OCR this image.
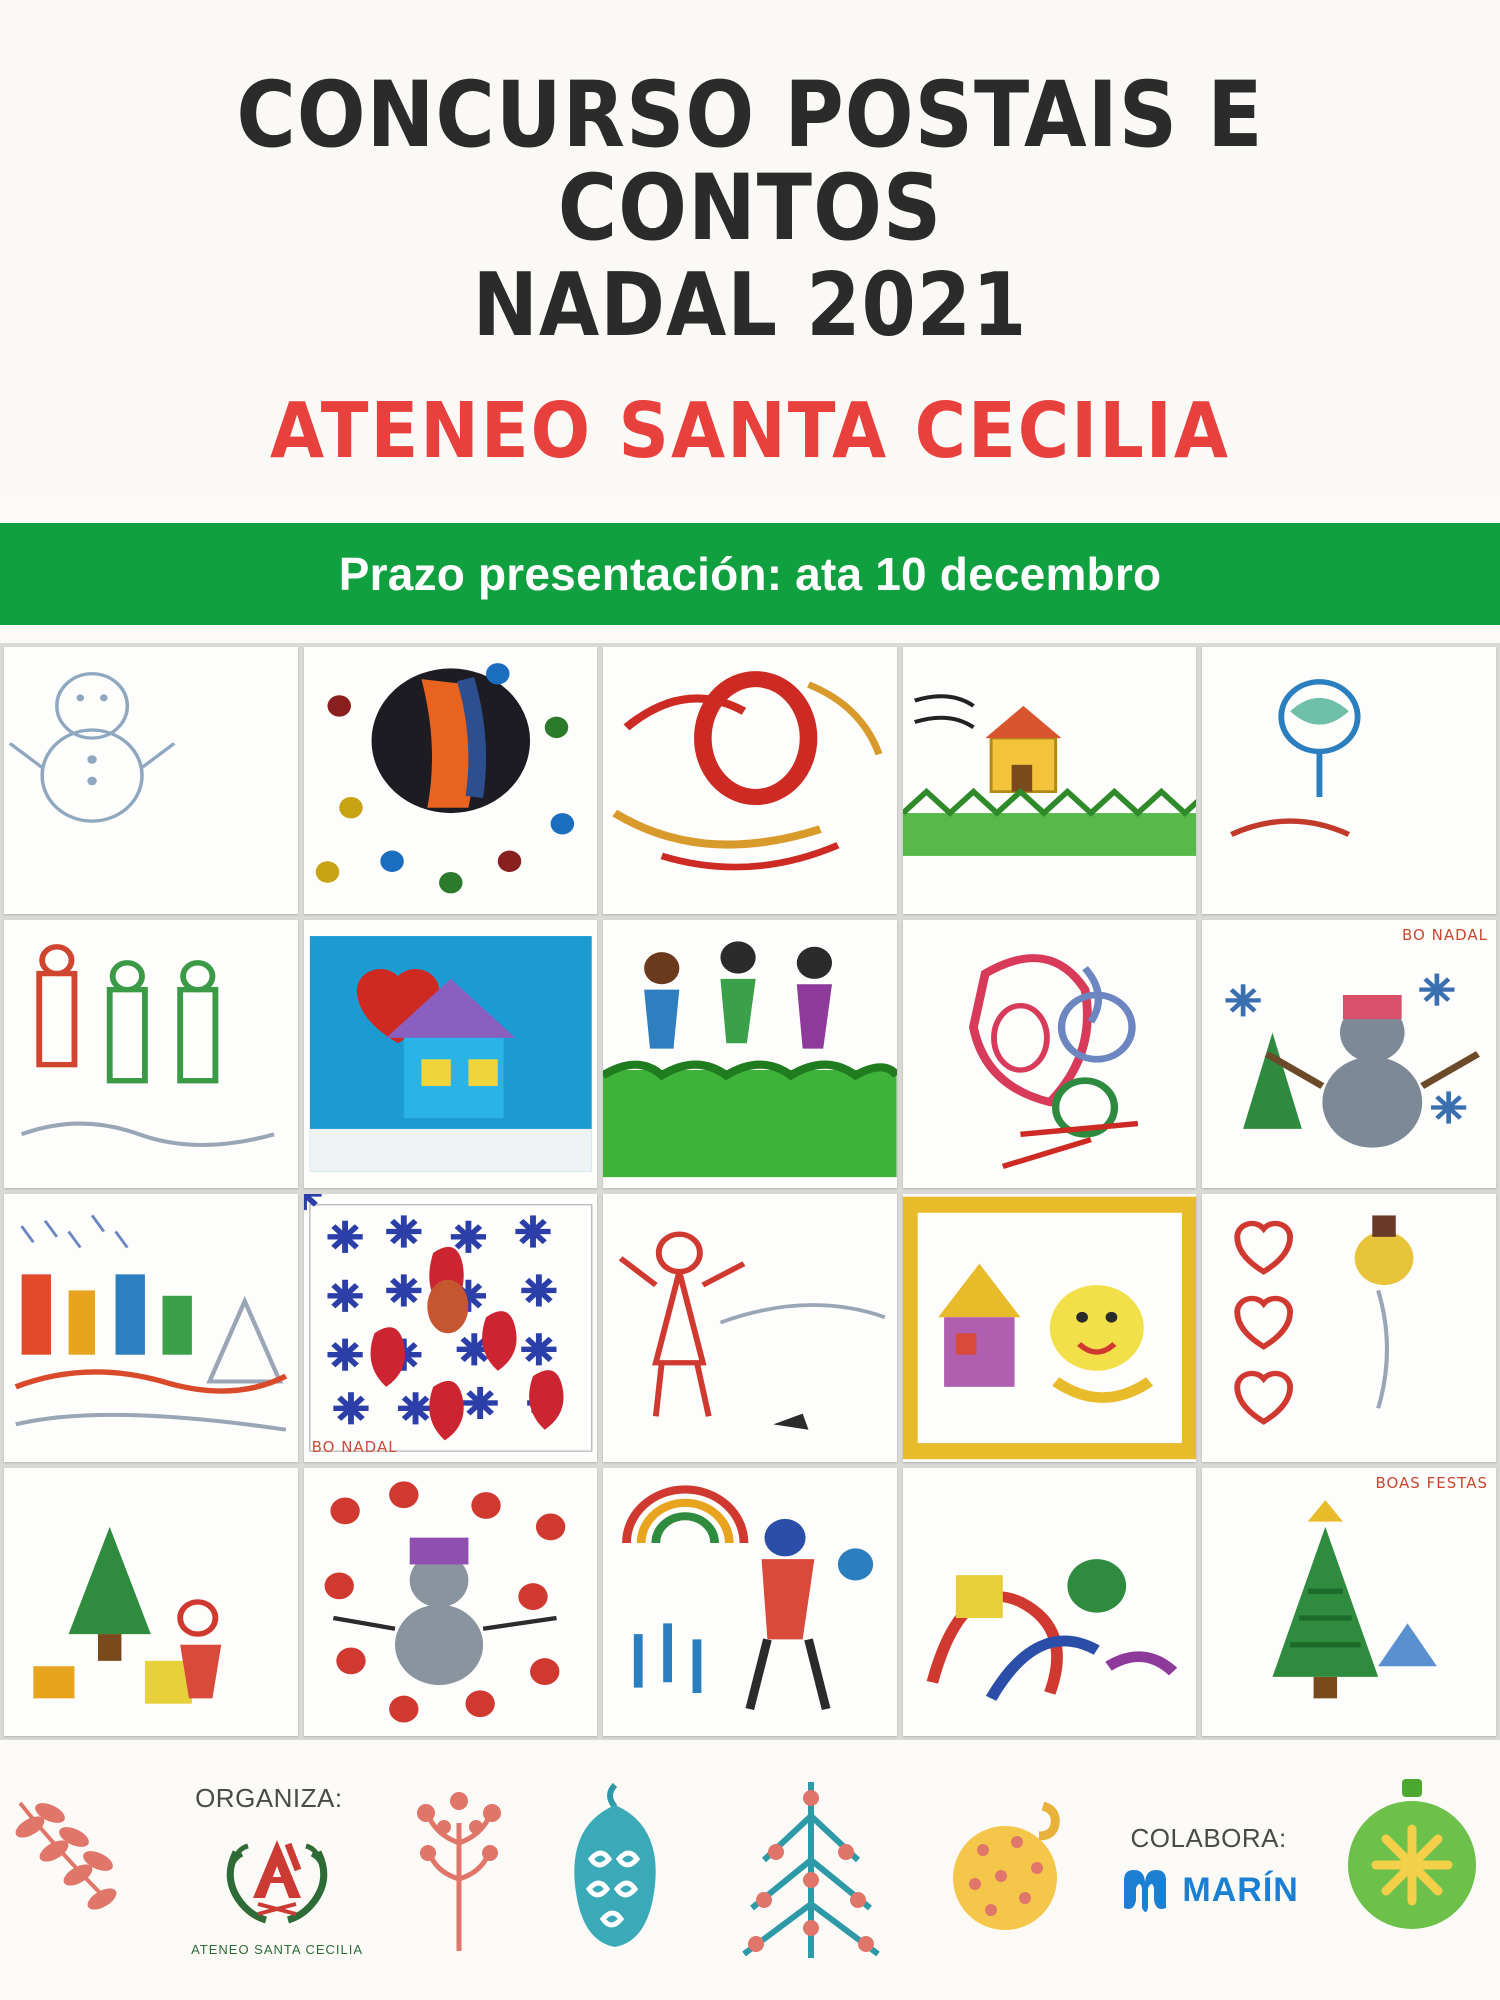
CONCURSO POSTAIS E CONTOS
NADAL 2021
ATENEO SANTA CECILIA
Prazo presentación: ata 10 decembro
BO NADAL
BO NADAL
BOAS FESTAS
ORGANIZA:
ATENEO SANTA CECILIA
COLABORA:
MARÍN
